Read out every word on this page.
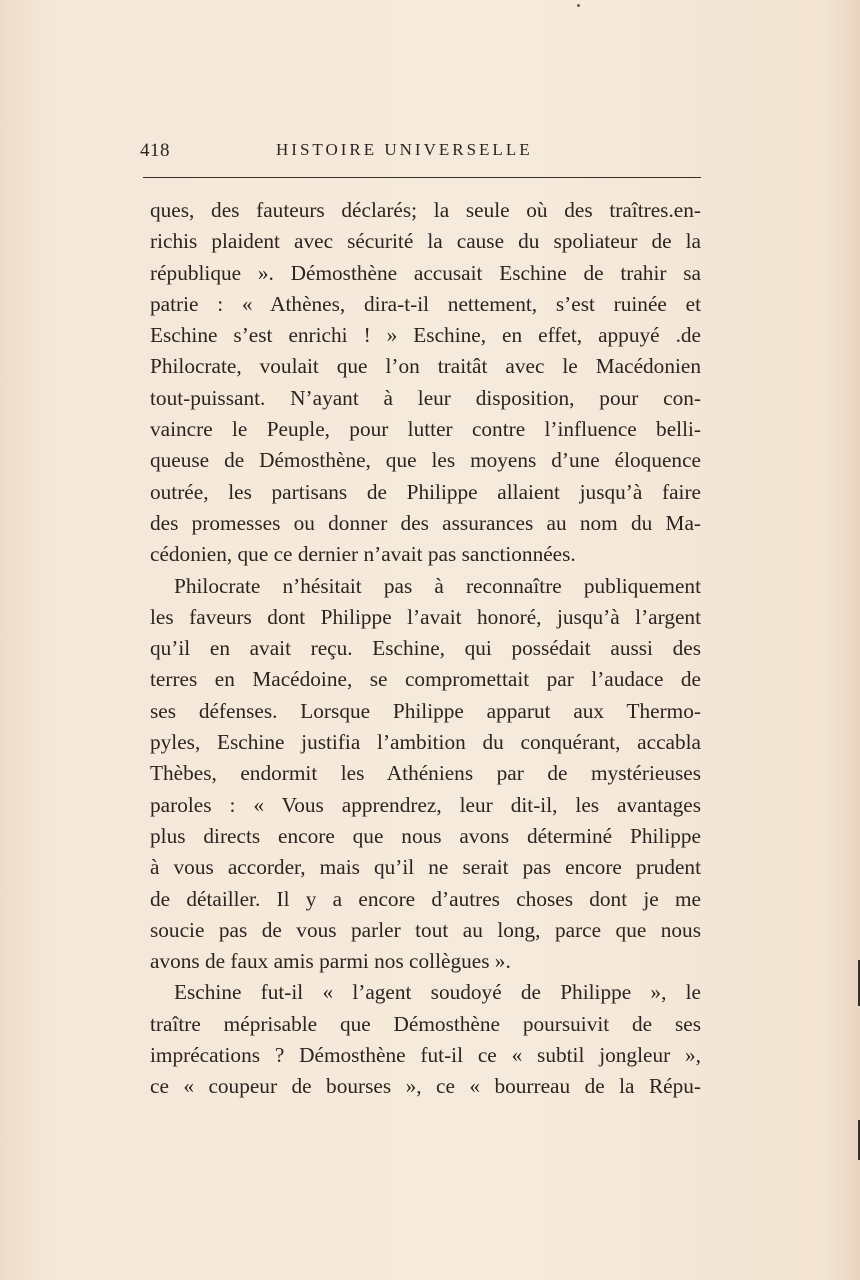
418	HISTOIRE UNIVERSELLE
ques, des fauteurs déclarés; la seule où des traîtres.en-
richis plaident avec sécurité la cause du spoliateur de la
république ». Démosthène accusait Eschine de trahir sa
patrie : « Athènes, dira-t-il nettement, s’est ruinée et
Eschine s’est enrichi ! » Eschine, en effet, appuyé .de
Philocrate, voulait que l’on traitât avec le Macédonien
tout-puissant. N’ayant à leur disposition, pour con-
vaincre le Peuple, pour lutter contre l’influence belli-
queuse de Démosthène, que les moyens d’une éloquence
outrée, les partisans de Philippe allaient jusqu’à faire
des promesses ou donner des assurances au nom du Ma-
cédonien, que ce dernier n’avait pas sanctionnées.
Philocrate n’hésitait pas à reconnaître publiquement
les faveurs dont Philippe l’avait honoré, jusqu’à l’argent
qu’il en avait reçu. Eschine, qui possédait aussi des
terres en Macédoine, se compromettait par l’audace de
ses défenses. Lorsque Philippe apparut aux Thermo-
pyles, Eschine justifia l’ambition du conquérant, accabla
Thèbes, endormit les Athéniens par de mystérieuses
paroles : « Vous apprendrez, leur dit-il, les avantages
plus directs encore que nous avons déterminé Philippe
à vous accorder, mais qu’il ne serait pas encore prudent
de détailler. Il y a encore d’autres choses dont je me
soucie pas de vous parler tout au long, parce que nous
avons de faux amis parmi nos collègues ».
Eschine fut-il « l’agent soudoyé de Philippe », le
traître méprisable que Démosthène poursuivit de ses
imprécations ? Démosthène fut-il ce « subtil jongleur »,
ce « coupeur de bourses », ce « bourreau de la Répu-
